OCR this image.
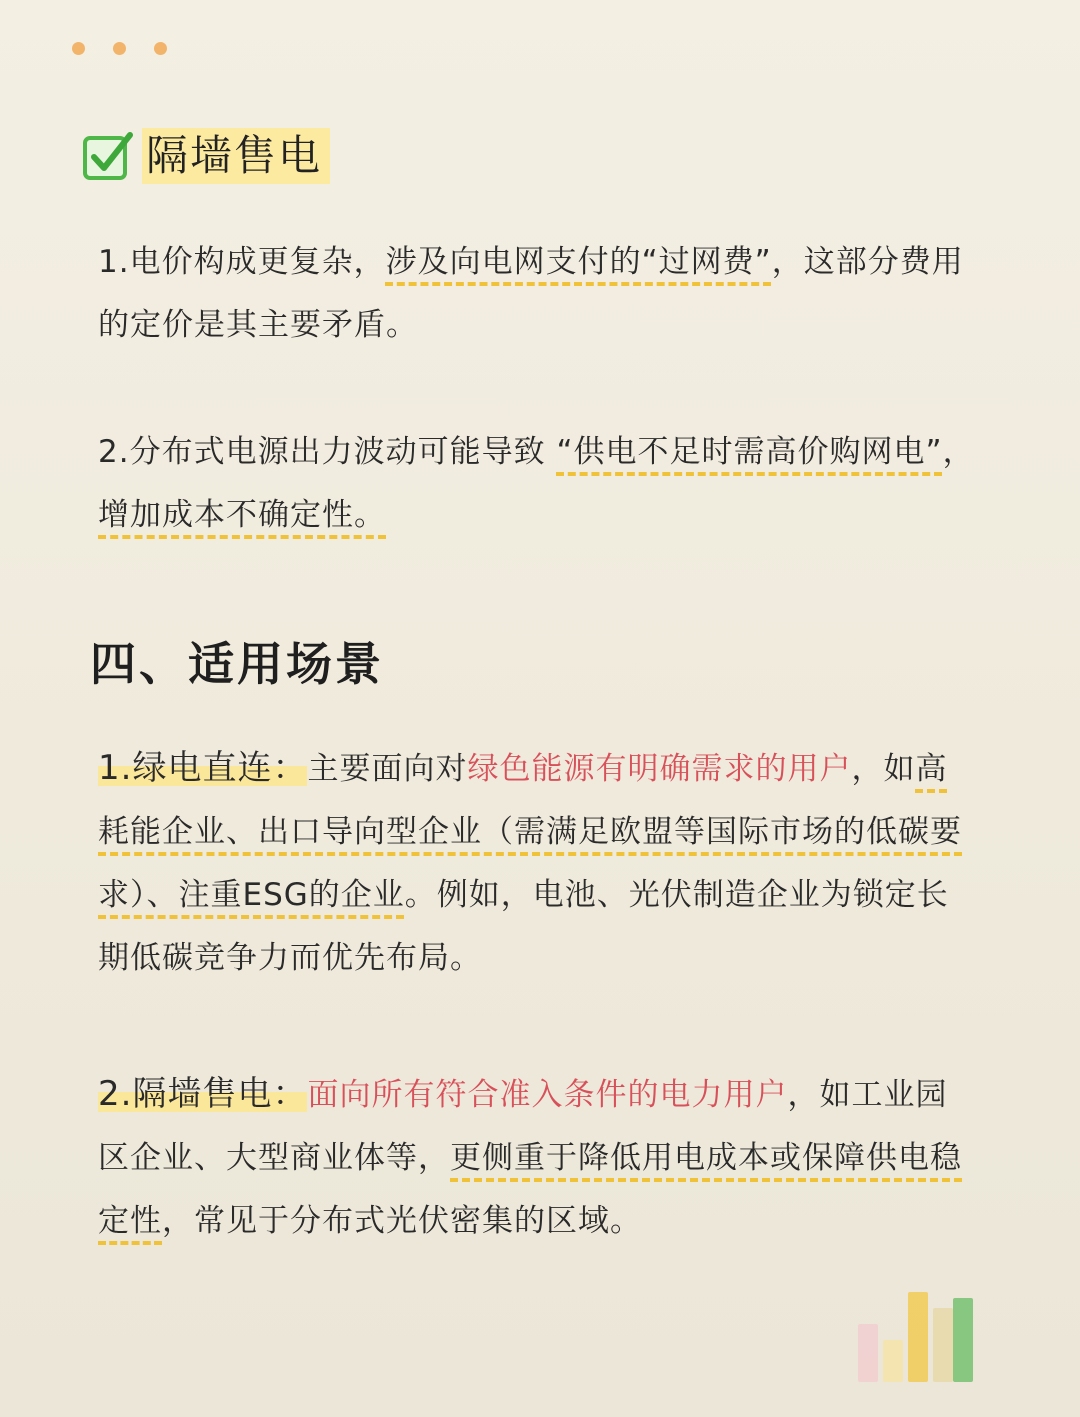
隔墙售电

1.电价构成更复杂，涉及向电网支付的“过网费”，这部分费用的定价是其主要矛盾。

2.分布式电源出力波动可能导致 “供电不足时需高价购网电”，增加成本不确定性。

四、适用场景

1.绿电直连：主要面向对绿色能源有明确需求的用户，如高耗能企业、出口导向型企业（需满足欧盟等国际市场的低碳要求）、注重ESG的企业。例如，电池、光伏制造企业为锁定长期低碳竞争力而优先布局。

2.隔墙售电：面向所有符合准入条件的电力用户，如工业园区企业、大型商业体等，更侧重于降低用电成本或保障供电稳定性，常见于分布式光伏密集的区域。
